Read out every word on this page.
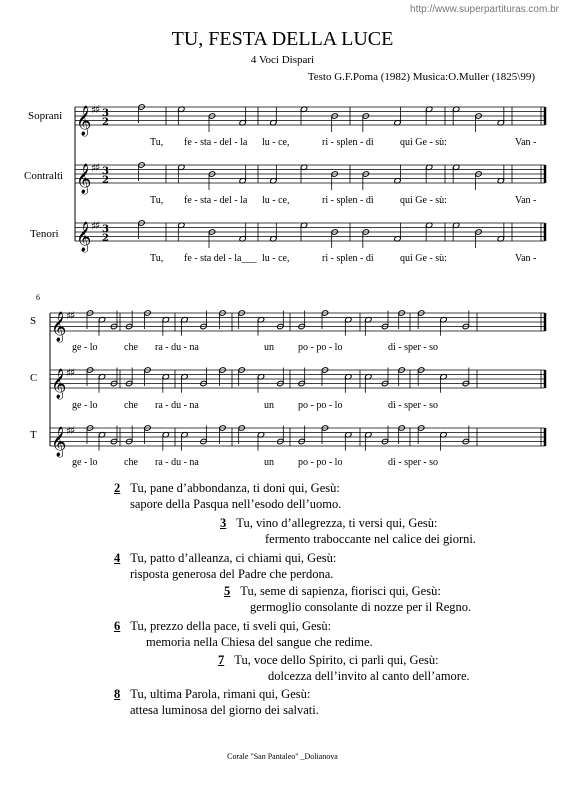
http://www.superpartituras.com.br
TU, FESTA DELLA LUCE
4 Voci Dispari
Testo G.F.Poma (1982) Musica:O.Muller (1825\99)
Soprani
Contralti
Tenori
S
C
T
6
Tu, fe - sta - del - la lu - ce,	ri - splen - di	qui Ge - sù:	Van -
Tu, fe - sta - del - la lu - ce,	ri - splen - di	qui Ge - sù:	Van -
Tu, fe - sta del - la___ lu - ce,	ri - splen - di	qui Ge - sù:	Van -
ge - lo	che ra - du - na	un po - po - lo	di - sper - so
ge - lo	che ra - du - na	un po - po - lo	di - sper - so
ge - lo	che ra - du - na	un po - po - lo	di - sper - so
𝄞 ♯
♯ 3
2
𝄞 ♯
♯ 3
2
𝄞 ♯
♯ 3
2
𝄞 ♯
♯
𝄞 ♯
♯
𝄞 ♯
♯
2 Tu, pane d’abbondanza, ti doni qui, Gesù:
sapore della Pasqua nell’esodo dell’uomo.
3 Tu, vino d’allegrezza, ti versi qui, Gesù:
fermento traboccante nel calice dei giorni.
4 Tu, patto d’alleanza, ci chiami qui, Gesù:
risposta generosa del Padre che perdona.
5 Tu, seme di sapienza, fiorisci qui, Gesù:
germoglio consolante di nozze per il Regno.
6 Tu, prezzo della pace, ti sveli qui, Gesù:
memoria nella Chiesa del sangue che redime.
7 Tu, voce dello Spirito, ci parli qui, Gesù:
dolcezza dell’invito al canto dell’amore.
8 Tu, ultima Parola, rimani qui, Gesù:
attesa luminosa del giorno dei salvati.
Corale "San Pantaleo" _Dolianova
